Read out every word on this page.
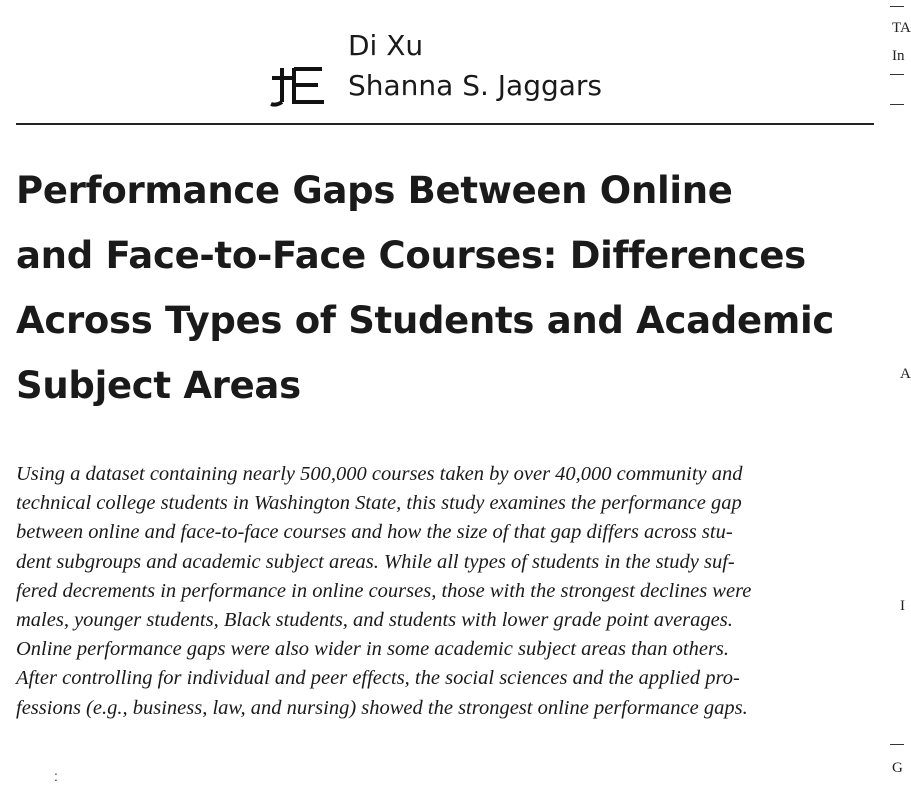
Di Xu
Shanna S. Jaggars
Performance Gaps Between Online
and Face-to-Face Courses: Differences
Across Types of Students and Academic
Subject Areas
Using a dataset containing nearly 500,000 courses taken by over 40,000 community and
technical college students in Washington State, this study examines the performance gap
between online and face-to-face courses and how the size of that gap differs across stu-
dent subgroups and academic subject areas. While all types of students in the study suf-
fered decrements in performance in online courses, those with the strongest declines were
males, younger students, Black students, and students with lower grade point averages.
Online performance gaps were also wider in some academic subject areas than others.
After controlling for individual and peer effects, the social sciences and the applied pro-
fessions (e.g., business, law, and nursing) showed the strongest online performance gaps.
:
TA
In
A
I
G
